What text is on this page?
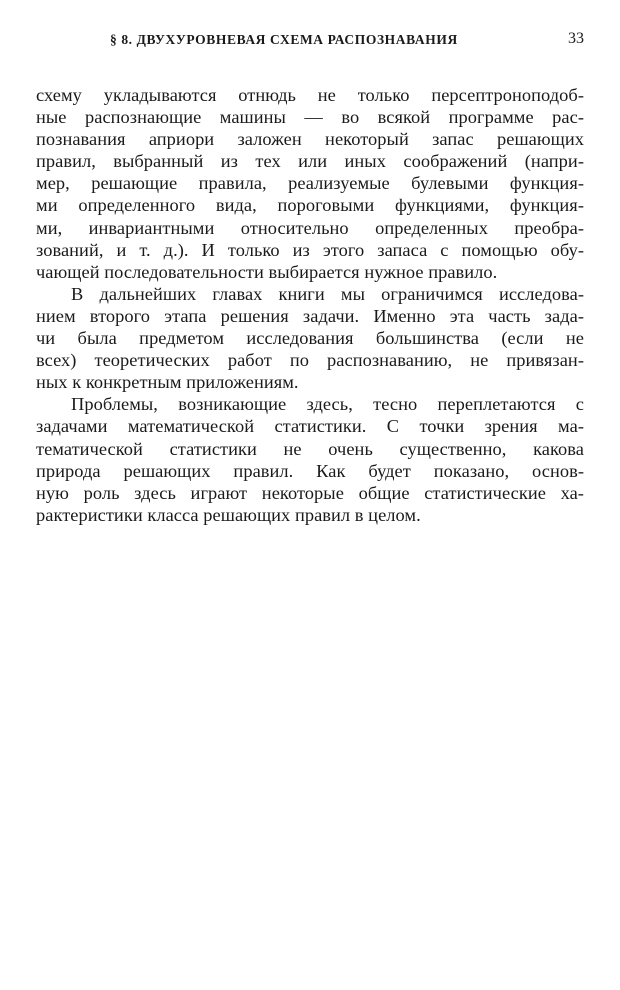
§ 8. ДВУХУРОВНЕВАЯ СХЕМА РАСПОЗНАВАНИЯ	33

схему укладываются отнюдь не только персептроноподоб-
ные распознающие машины — во всякой программе рас-
познавания априори заложен некоторый запас решающих
правил, выбранный из тех или иных соображений (напри-
мер, решающие правила, реализуемые булевыми функция-
ми определенного вида, пороговыми функциями, функция-
ми, инвариантными относительно определенных преобра-
зований, и т. д.). И только из этого запаса с помощью обу-
чающей последовательности выбирается нужное правило.

В дальнейших главах книги мы ограничимся исследова-
нием второго этапа решения задачи. Именно эта часть зада-
чи была предметом исследования большинства (если не
всех) теоретических работ по распознаванию, не привязан-
ных к конкретным приложениям.

Проблемы, возникающие здесь, тесно переплетаются с
задачами математической статистики. С точки зрения ма-
тематической статистики не очень существенно, какова
природа решающих правил. Как будет показано, основ-
ную роль здесь играют некоторые общие статистические ха-
рактеристики класса решающих правил в целом.
